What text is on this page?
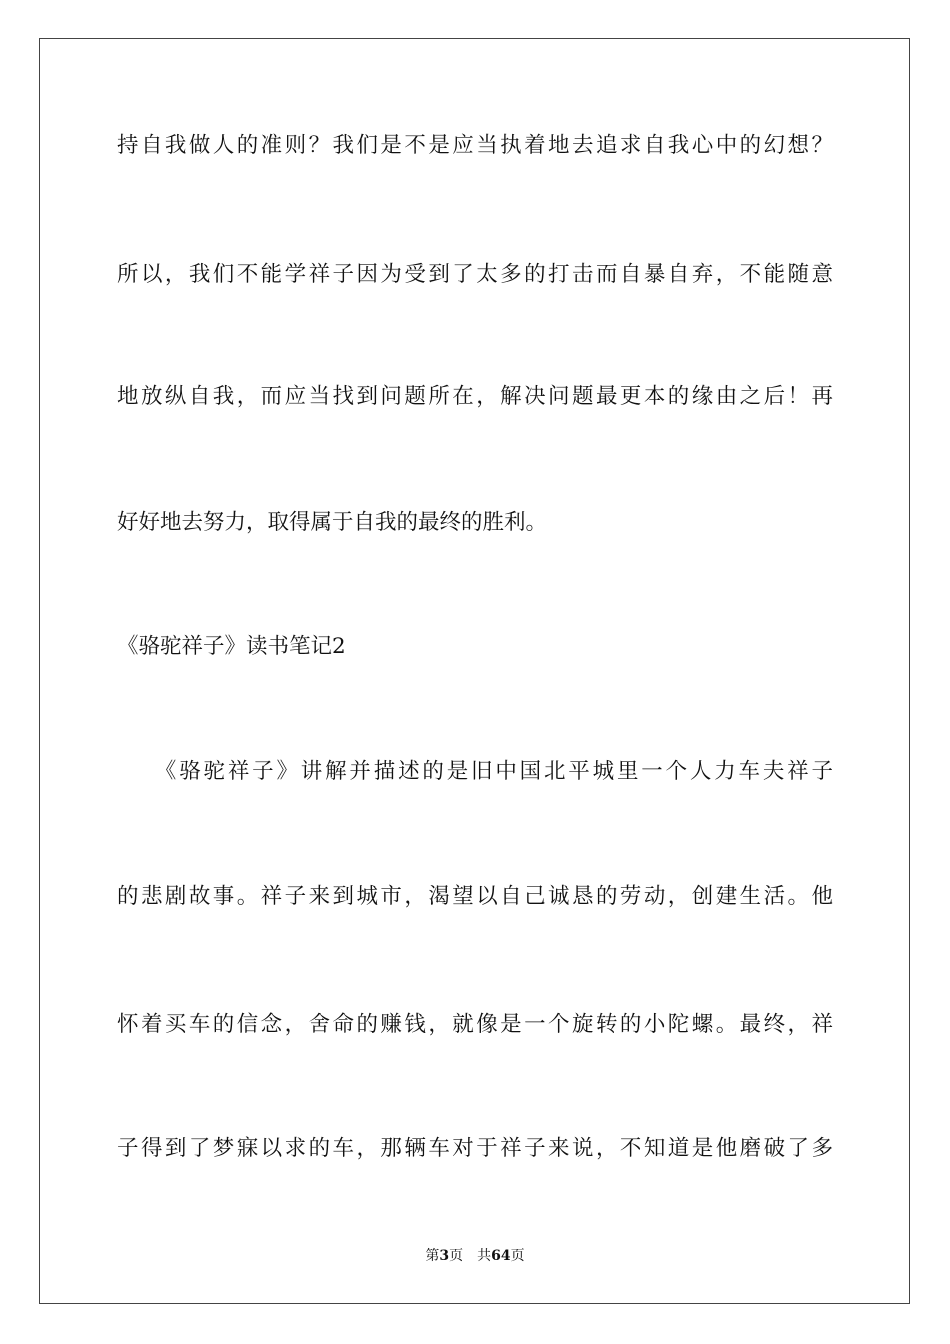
持自我做人的准则？我们是不是应当执着地去追求自我心中的幻想？
所以，我们不能学祥子因为受到了太多的打击而自暴自弃，不能随意
地放纵自我，而应当找到问题所在，解决问题最更本的缘由之后！再
好好地去努力，取得属于自我的最终的胜利。
《骆驼祥子》读书笔记2
　　《骆驼祥子》讲解并描述的是旧中国北平城里一个人力车夫祥子
的悲剧故事。祥子来到城市，渴望以自己诚恳的劳动，创建生活。他
怀着买车的信念，舍命的赚钱，就像是一个旋转的小陀螺。最终，祥
子得到了梦寐以求的车，那辆车对于祥子来说，不知道是他磨破了多
第3页 共64页
